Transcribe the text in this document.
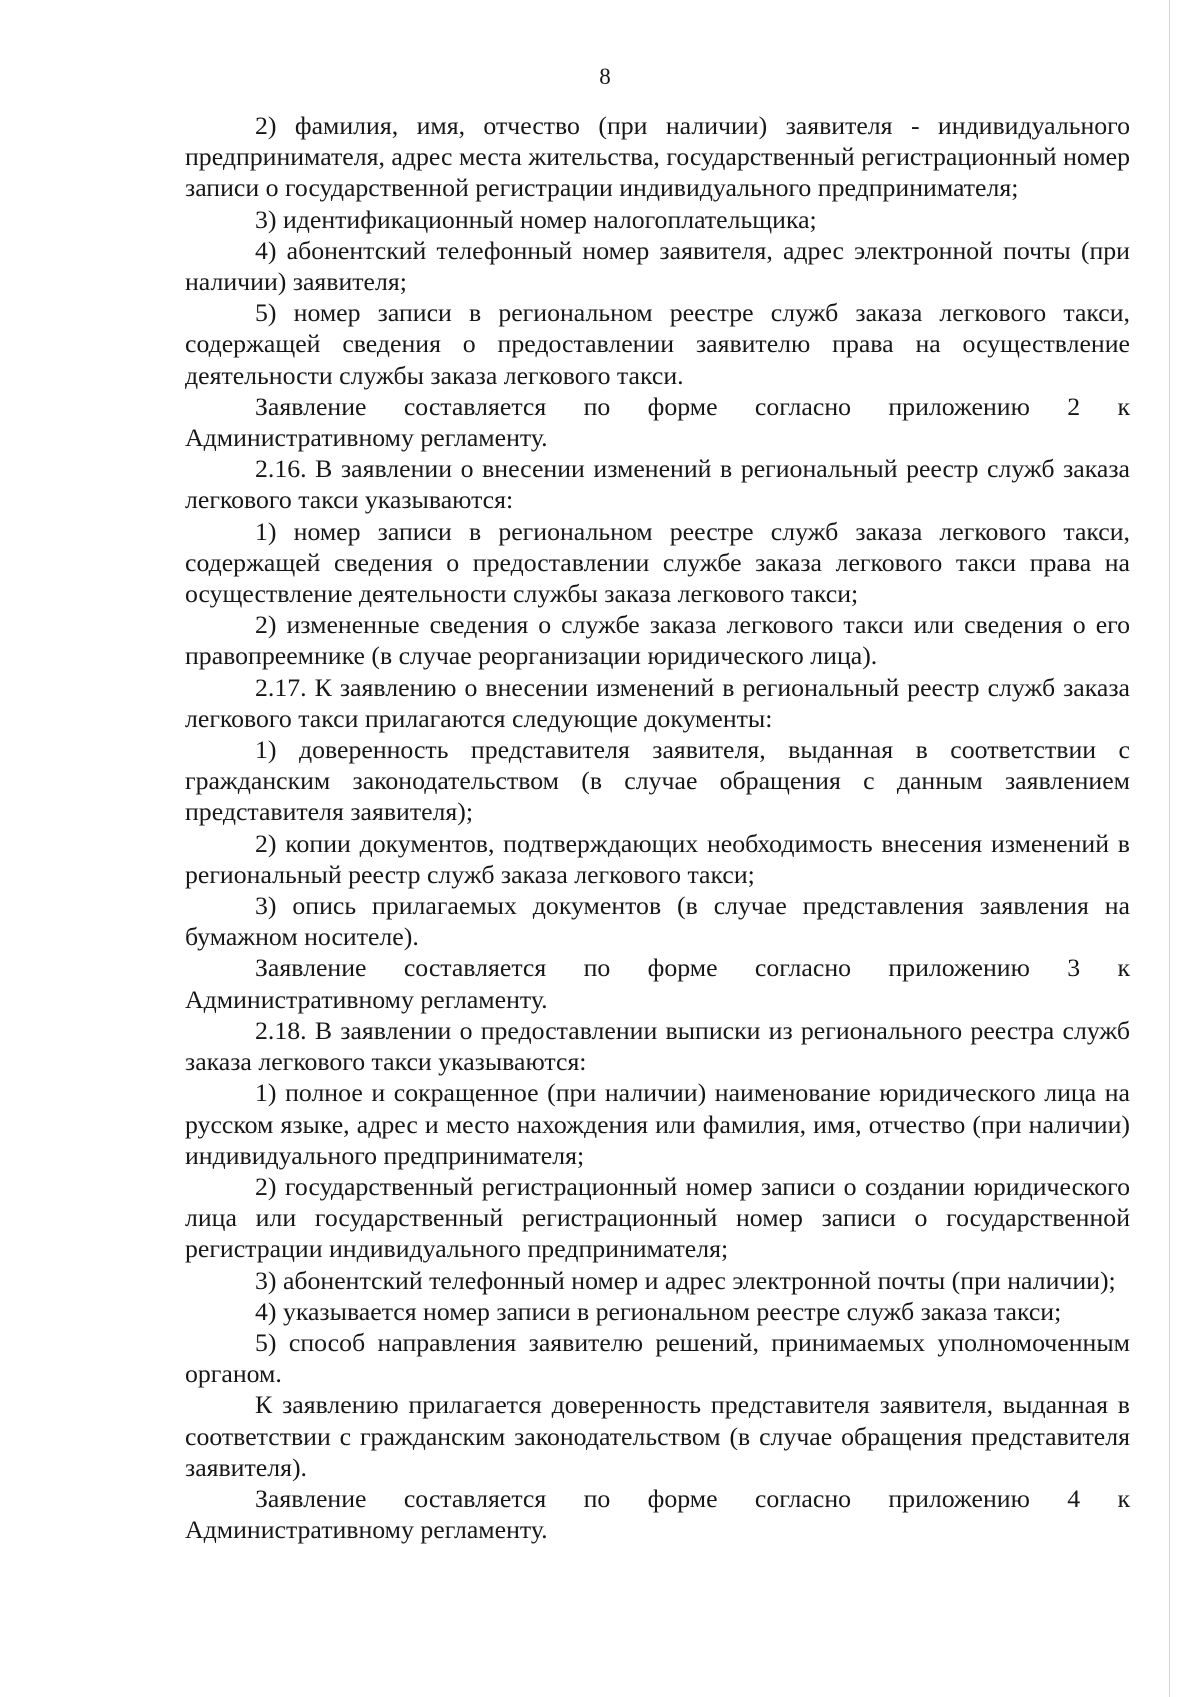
8

2) фамилия, имя, отчество (при наличии) заявителя - индивидуального предпринимателя, адрес места жительства, государственный регистрационный номер записи о государственной регистрации индивидуального предпринимателя;

3) идентификационный номер налогоплательщика;

4) абонентский телефонный номер заявителя, адрес электронной почты (при наличии) заявителя;

5) номер записи в региональном реестре служб заказа легкового такси, содержащей сведения о предоставлении заявителю права на осуществление деятельности службы заказа легкового такси.

Заявление составляется по форме согласно приложению 2 к Административному регламенту.

2.16. В заявлении о внесении изменений в региональный реестр служб заказа легкового такси указываются:

1) номер записи в региональном реестре служб заказа легкового такси, содержащей сведения о предоставлении службе заказа легкового такси права на осуществление деятельности службы заказа легкового такси;

2) измененные сведения о службе заказа легкового такси или сведения о его правопреемнике (в случае реорганизации юридического лица).

2.17. К заявлению о внесении изменений в региональный реестр служб заказа легкового такси прилагаются следующие документы:

1) доверенность представителя заявителя, выданная в соответствии с гражданским законодательством (в случае обращения с данным заявлением представителя заявителя);

2) копии документов, подтверждающих необходимость внесения изменений в региональный реестр служб заказа легкового такси;

3) опись прилагаемых документов (в случае представления заявления на бумажном носителе).

Заявление составляется по форме согласно приложению 3 к Административному регламенту.

2.18. В заявлении о предоставлении выписки из регионального реестра служб заказа легкового такси указываются:

1) полное и сокращенное (при наличии) наименование юридического лица на русском языке, адрес и место нахождения или фамилия, имя, отчество (при наличии) индивидуального предпринимателя;

2) государственный регистрационный номер записи о создании юридического лица или государственный регистрационный номер записи о государственной регистрации индивидуального предпринимателя;

3) абонентский телефонный номер и адрес электронной почты (при наличии);

4) указывается номер записи в региональном реестре служб заказа такси;

5) способ направления заявителю решений, принимаемых уполномоченным органом.

К заявлению прилагается доверенность представителя заявителя, выданная в соответствии с гражданским законодательством (в случае обращения представителя заявителя).

Заявление составляется по форме согласно приложению 4 к Административному регламенту.
